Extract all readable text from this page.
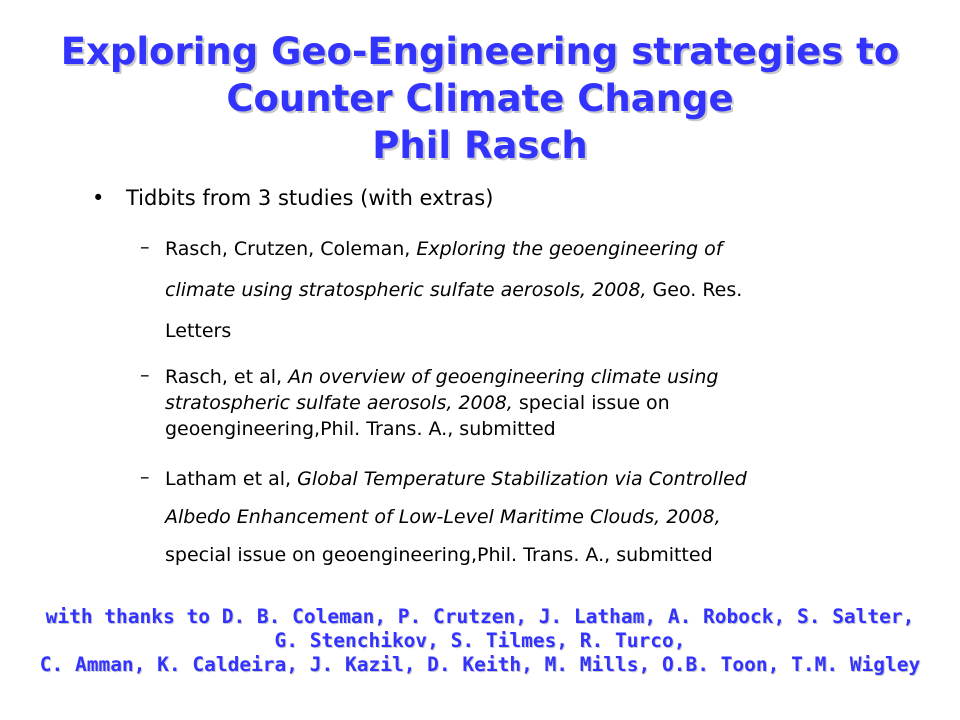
Exploring Geo-Engineering strategies to
Counter Climate Change
Phil Rasch
• Tidbits from 3 studies (with extras)
– Rasch, Crutzen, Coleman, Exploring the geoengineering of
climate using stratospheric sulfate aerosols, 2008, Geo. Res.
Letters
– Rasch, et al, An overview of geoengineering climate using
stratospheric sulfate aerosols, 2008, special issue on
geoengineering,Phil. Trans. A., submitted
– Latham et al, Global Temperature Stabilization via Controlled
Albedo Enhancement of Low-Level Maritime Clouds, 2008,
special issue on geoengineering,Phil. Trans. A., submitted
with thanks to D. B. Coleman, P. Crutzen, J. Latham, A. Robock, S. Salter,
G. Stenchikov, S. Tilmes, R. Turco,
C. Amman, K. Caldeira, J. Kazil, D. Keith, M. Mills, O.B. Toon, T.M. Wigley
